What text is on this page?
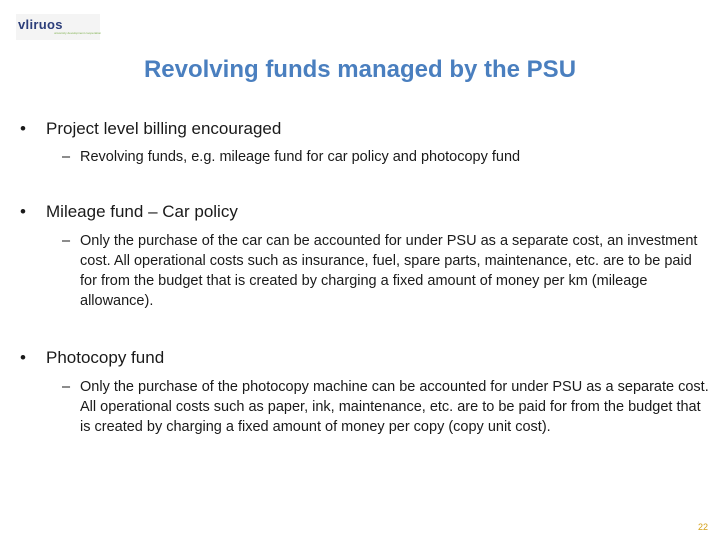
vliruos
university development cooperation
Revolving funds managed by the PSU
• Project level billing encouraged
– Revolving funds, e.g. mileage fund for car policy and photocopy fund
• Mileage fund – Car policy
– Only the purchase of the car can be accounted for under PSU as a separate cost, an investment cost. All operational costs such as insurance, fuel, spare parts, maintenance, etc. are to be paid for from the budget that is created by charging a fixed amount of money per km (mileage allowance).
• Photocopy fund
– Only the purchase of the photocopy machine can be accounted for under PSU as a separate cost. All operational costs such as paper, ink, maintenance, etc. are to be paid for from the budget that is created by charging a fixed amount of money per copy (copy unit cost).
22
